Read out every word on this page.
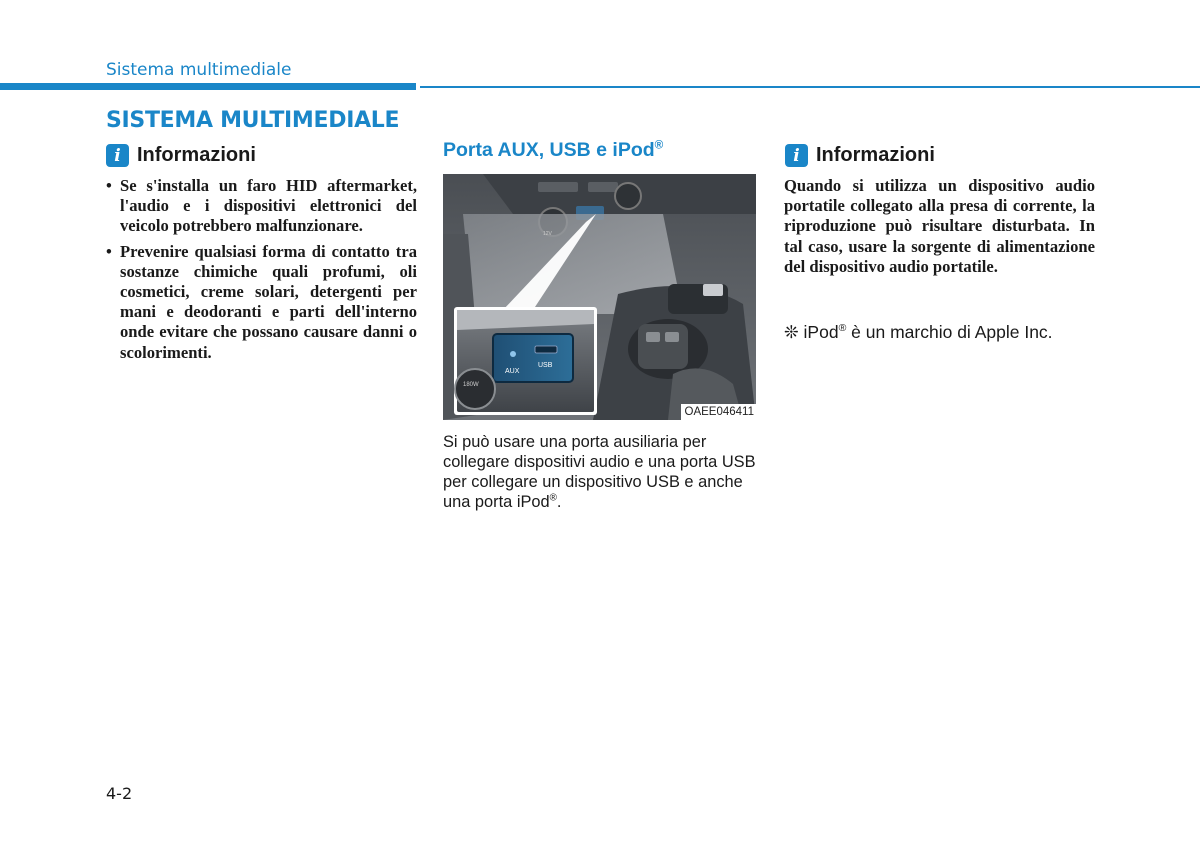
Sistema multimediale
SISTEMA MULTIMEDIALE
i Informazioni
• Se s'installa un faro HID aftermarket, l'audio e i dispositivi elettronici del veicolo potrebbero malfunzionare.
• Prevenire qualsiasi forma di contatto tra sostanze chimiche quali profumi, oli cosmetici, creme solari, detergenti per mani e deodoranti e parti dell'interno onde evitare che possano causare danni o scolorimenti.
Porta AUX, USB e iPod®
AUX
USB
180W
12V
OAEE046411

Si può usare una porta ausiliaria per collegare dispositivi audio e una porta USB per collegare un dispositivo USB e anche una porta iPod®.

i Informazioni

Quando si utilizza un dispositivo audio portatile collegato alla presa di corrente, la riproduzione può risultare disturbata. In tal caso, usare la sorgente di alimentazione del dispositivo audio portatile.

❊ iPod® è un marchio di Apple Inc.

4-2
